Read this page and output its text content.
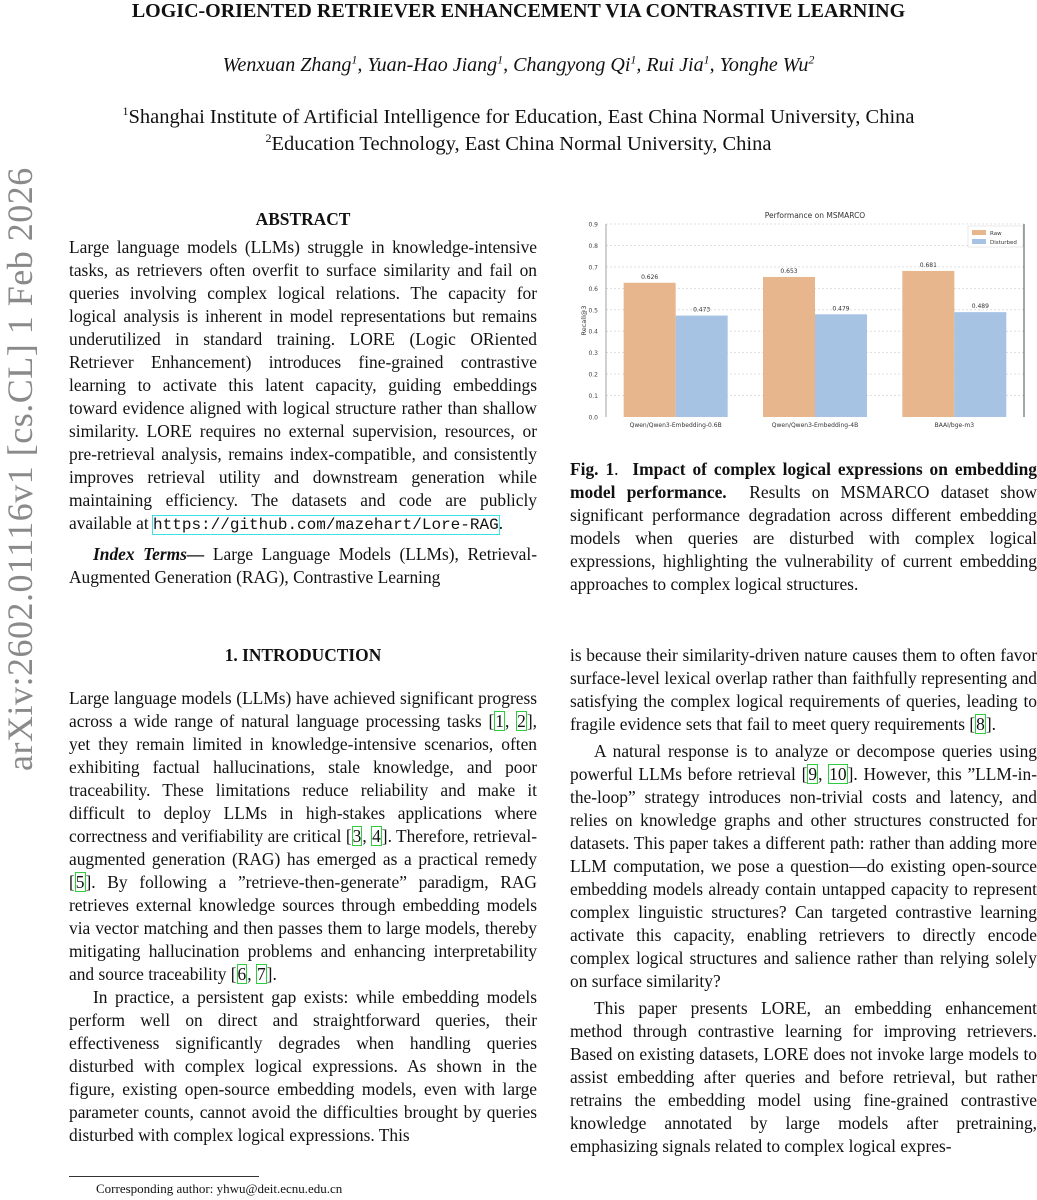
LOGIC-ORIENTED RETRIEVER ENHANCEMENT VIA CONTRASTIVE LEARNING
Wenxuan Zhang$^1$, Yuan-Hao Jiang$^1$, Changyong Qi$^1$, Rui Jia$^1$, Yonghe Wu$^2$
$^1$Shanghai Institute of Artificial Intelligence for Education, East China Normal University, China
$^2$Education Technology, East China Normal University, China
arXiv:2602.01116v1 [cs.CL] 1 Feb 2026	ABSTRACT

Large language models (LLMs) struggle in knowledge-intensive tasks, as retrievers often overfit to surface similarity and fail on queries involving complex logical relations. The capacity for logical analysis is inherent in model representations but remains underutilized in standard training. LORE (Logic ORiented Retriever Enhancement) introduces fine-grained contrastive learning to activate this latent capacity, guiding embeddings toward evidence aligned with logical structure rather than shallow similarity. LORE requires no external supervision, resources, or pre-retrieval analysis, remains index-compatible, and consistently improves retrieval utility and downstream generation while maintaining efficiency. The datasets and code are publicly available at https://github.com/mazehart/Lore-RAG.

Index Terms— Large Language Models (LLMs), Retrieval-Augmented Generation (RAG), Contrastive Learning

Performance on MSMARCO
0.0
0.1
0.2
0.3
0.4
0.5
0.6
0.7
0.8
0.9
Recall@3
0.626
0.473
Qwen/Qwen3-Embedding-0.6B
0.653
0.479
Qwen/Qwen3-Embedding-4B
0.681
0.489
BAAI/bge-m3
Raw
Disturbed

Fig. 1.  Impact of complex logical expressions on embedding model performance. Results on MSMARCO dataset show significant performance degradation across different embedding models when queries are disturbed with complex logical expressions, highlighting the vulnerability of current embedding approaches to complex logical structures.

1. INTRODUCTION

Large language models (LLMs) have achieved significant progress across a wide range of natural language processing tasks [1, 2], yet they remain limited in knowledge-intensive scenarios, often exhibiting factual hallucinations, stale knowledge, and poor traceability. These limitations reduce reliability and make it difficult to deploy LLMs in high-stakes applications where correctness and verifiability are critical [3, 4]. Therefore, retrieval-augmented generation (RAG) has emerged as a practical remedy [5]. By following a ”retrieve-then-generate” paradigm, RAG retrieves external knowledge sources through embedding models via vector matching and then passes them to large models, thereby mitigating hallucination problems and enhancing interpretability and source traceability [6, 7].

In practice, a persistent gap exists: while embedding models perform well on direct and straightforward queries, their effectiveness significantly degrades when handling queries disturbed with complex logical expressions. As shown in the figure, existing open-source embedding models, even with large parameter counts, cannot avoid the difficulties brought by queries disturbed with complex logical expressions. This

is because their similarity-driven nature causes them to often favor surface-level lexical overlap rather than faithfully representing and satisfying the complex logical requirements of queries, leading to fragile evidence sets that fail to meet query requirements [8].

A natural response is to analyze or decompose queries using powerful LLMs before retrieval [9, 10]. However, this ”LLM-in-the-loop” strategy introduces non-trivial costs and latency, and relies on knowledge graphs and other structures constructed for datasets. This paper takes a different path: rather than adding more LLM computation, we pose a question—do existing open-source embedding models already contain untapped capacity to represent complex linguistic structures? Can targeted contrastive learning activate this capacity, enabling retrievers to directly encode complex logical structures and salience rather than relying solely on surface similarity?

This paper presents LORE, an embedding enhancement method through contrastive learning for improving retrievers. Based on existing datasets, LORE does not invoke large models to assist embedding after queries and before retrieval, but rather retrains the embedding model using fine-grained contrastive knowledge annotated by large models after pretraining, emphasizing signals related to complex logical expres-

Corresponding author: yhwu@deit.ecnu.edu.cn
